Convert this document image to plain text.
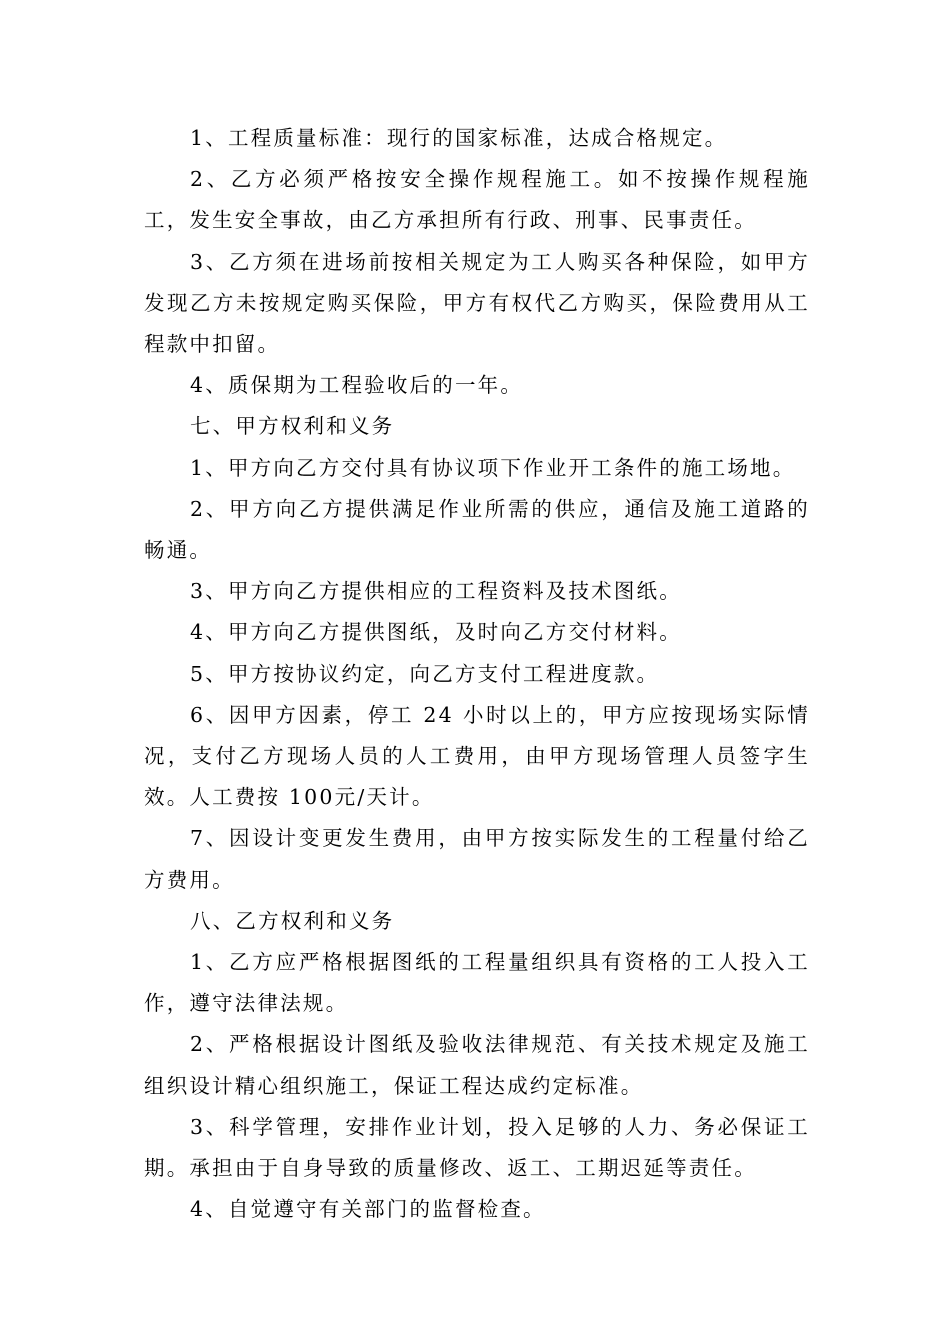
1、工程质量标准：现行的国家标准，达成合格规定。

2、乙方必须严格按安全操作规程施工。如不按操作规程施工，发生安全事故，由乙方承担所有行政、刑事、民事责任。

3、乙方须在进场前按相关规定为工人购买各种保险，如甲方发现乙方未按规定购买保险，甲方有权代乙方购买，保险费用从工程款中扣留。

4、质保期为工程验收后的一年。

七、甲方权利和义务

1、甲方向乙方交付具有协议项下作业开工条件的施工场地。

2、甲方向乙方提供满足作业所需的供应，通信及施工道路的畅通。

3、甲方向乙方提供相应的工程资料及技术图纸。

4、甲方向乙方提供图纸，及时向乙方交付材料。

5、甲方按协议约定，向乙方支付工程进度款。

6、因甲方因素，停工 24 小时以上的，甲方应按现场实际情况，支付乙方现场人员的人工费用，由甲方现场管理人员签字生效。人工费按 100元/天计。

7、因设计变更发生费用，由甲方按实际发生的工程量付给乙方费用。

八、乙方权利和义务

1、乙方应严格根据图纸的工程量组织具有资格的工人投入工作，遵守法律法规。

2、严格根据设计图纸及验收法律规范、有关技术规定及施工组织设计精心组织施工，保证工程达成约定标准。

3、科学管理，安排作业计划，投入足够的人力、务必保证工期。承担由于自身导致的质量修改、返工、工期迟延等责任。

4、自觉遵守有关部门的监督检查。
